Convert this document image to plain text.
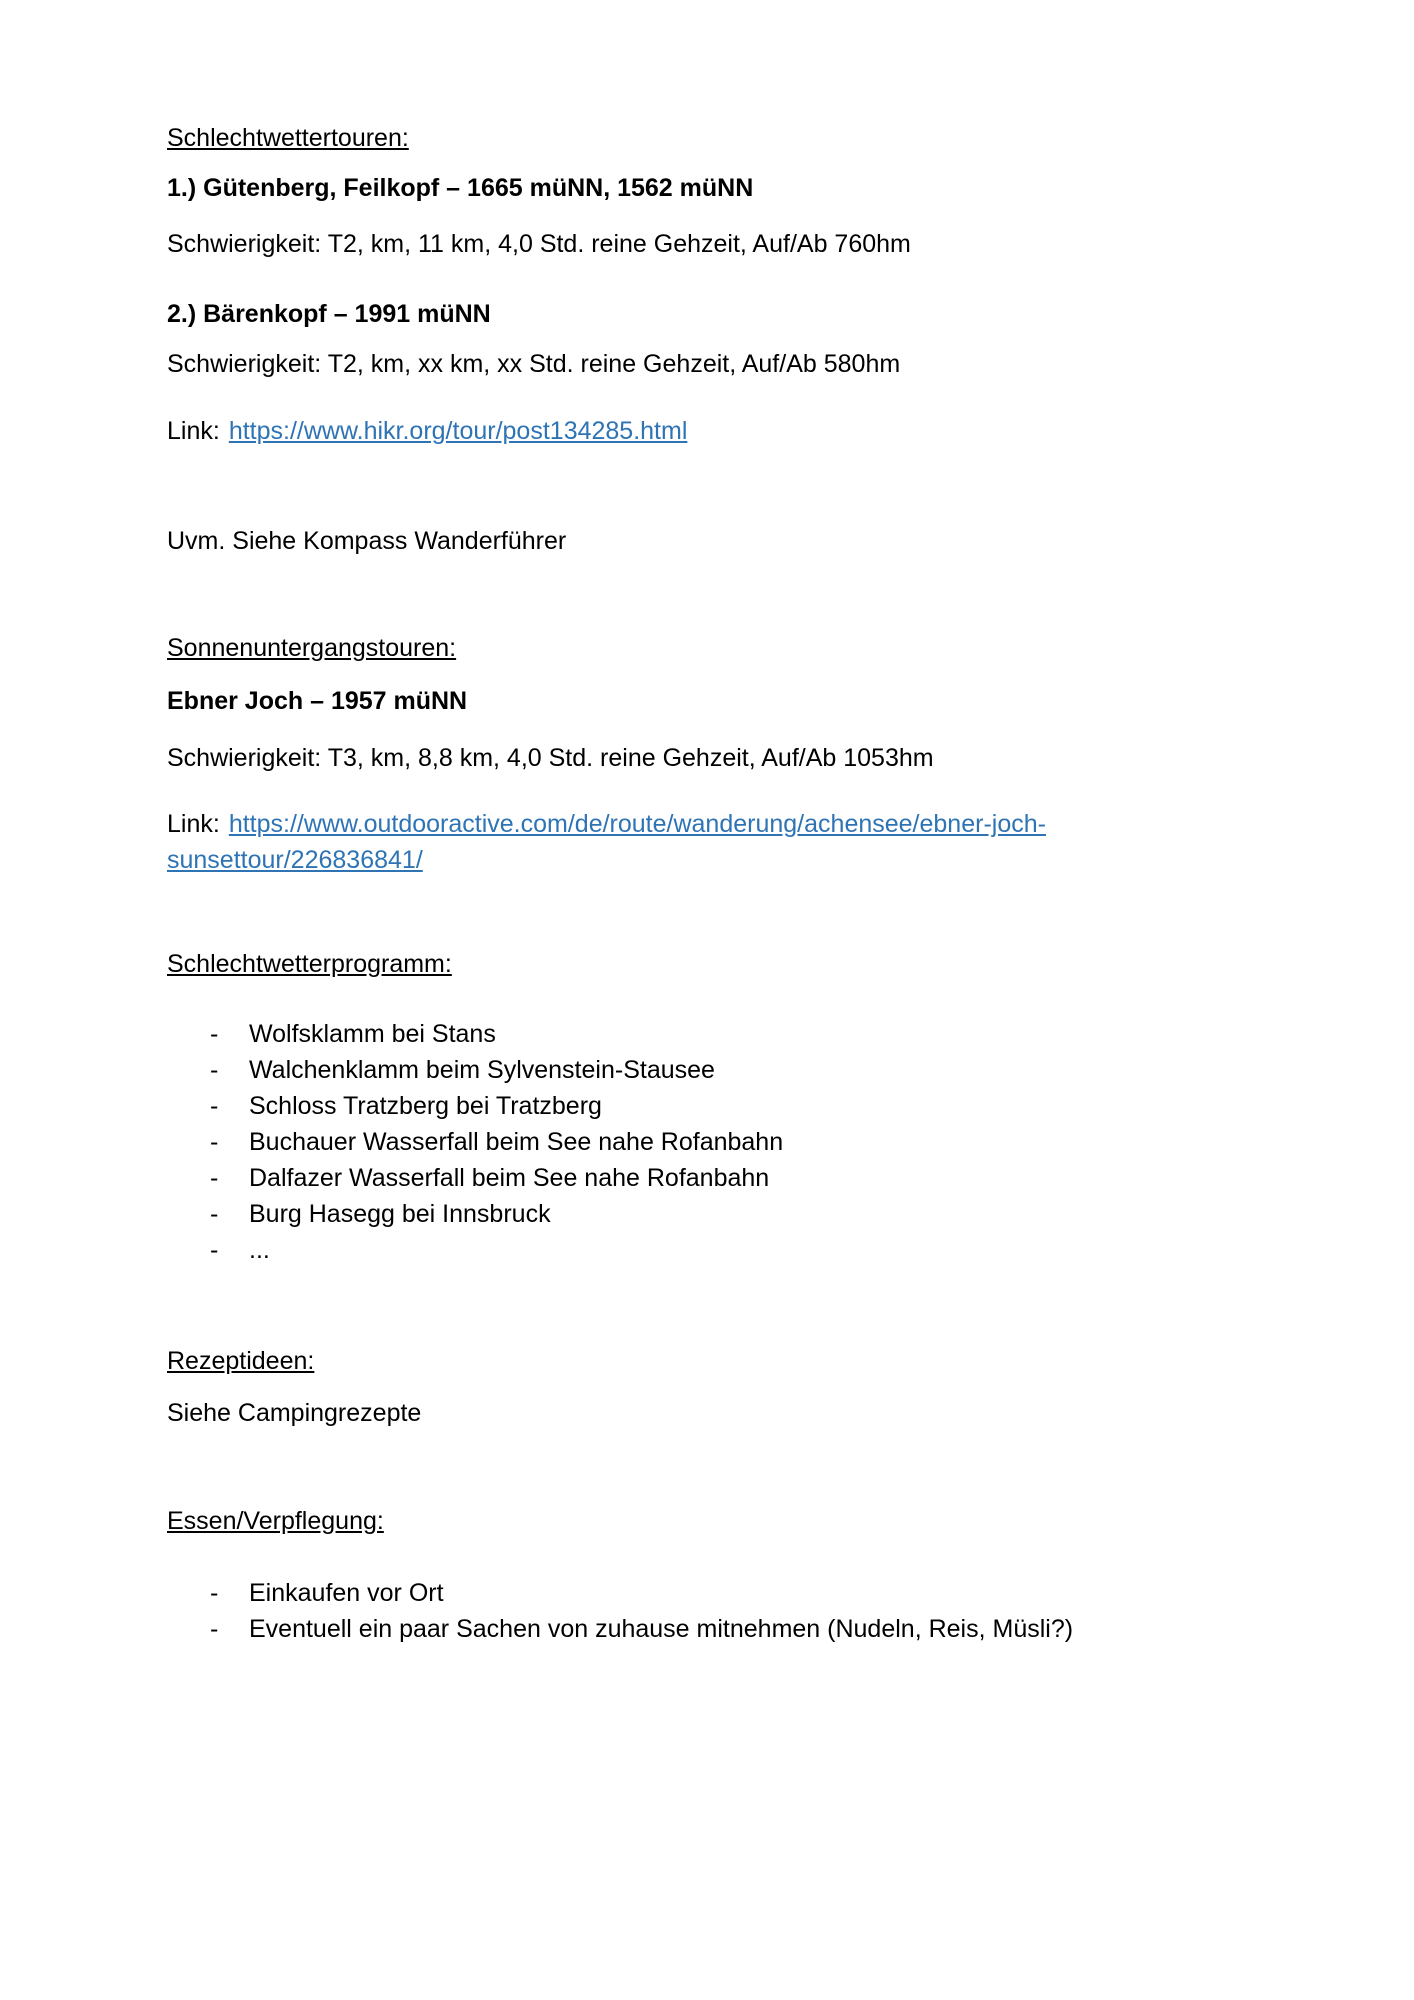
Schlechtwettertouren:

1.) Gütenberg, Feilkopf – 1665 müNN, 1562 müNN

Schwierigkeit: T2, km, 11 km, 4,0 Std. reine Gehzeit, Auf/Ab 760hm

2.) Bärenkopf – 1991 müNN

Schwierigkeit: T2, km, xx km, xx Std. reine Gehzeit, Auf/Ab 580hm

Link: https://www.hikr.org/tour/post134285.html

Uvm. Siehe Kompass Wanderführer

Sonnenuntergangstouren:

Ebner Joch – 1957 müNN

Schwierigkeit: T3, km, 8,8 km, 4,0 Std. reine Gehzeit, Auf/Ab 1053hm

Link: https://www.outdooractive.com/de/route/wanderung/achensee/ebner-joch-
sunsettour/226836841/

Schlechtwetterprogramm:

-	Wolfsklamm bei Stans
-	Walchenklamm beim Sylvenstein-Stausee
-	Schloss Tratzberg bei Tratzberg
-	Buchauer Wasserfall beim See nahe Rofanbahn
-	Dalfazer Wasserfall beim See nahe Rofanbahn
-	Burg Hasegg bei Innsbruck
-	...

Rezeptideen:

Siehe Campingrezepte

Essen/Verpflegung:

-	Einkaufen vor Ort
-	Eventuell ein paar Sachen von zuhause mitnehmen (Nudeln, Reis, Müsli?)
